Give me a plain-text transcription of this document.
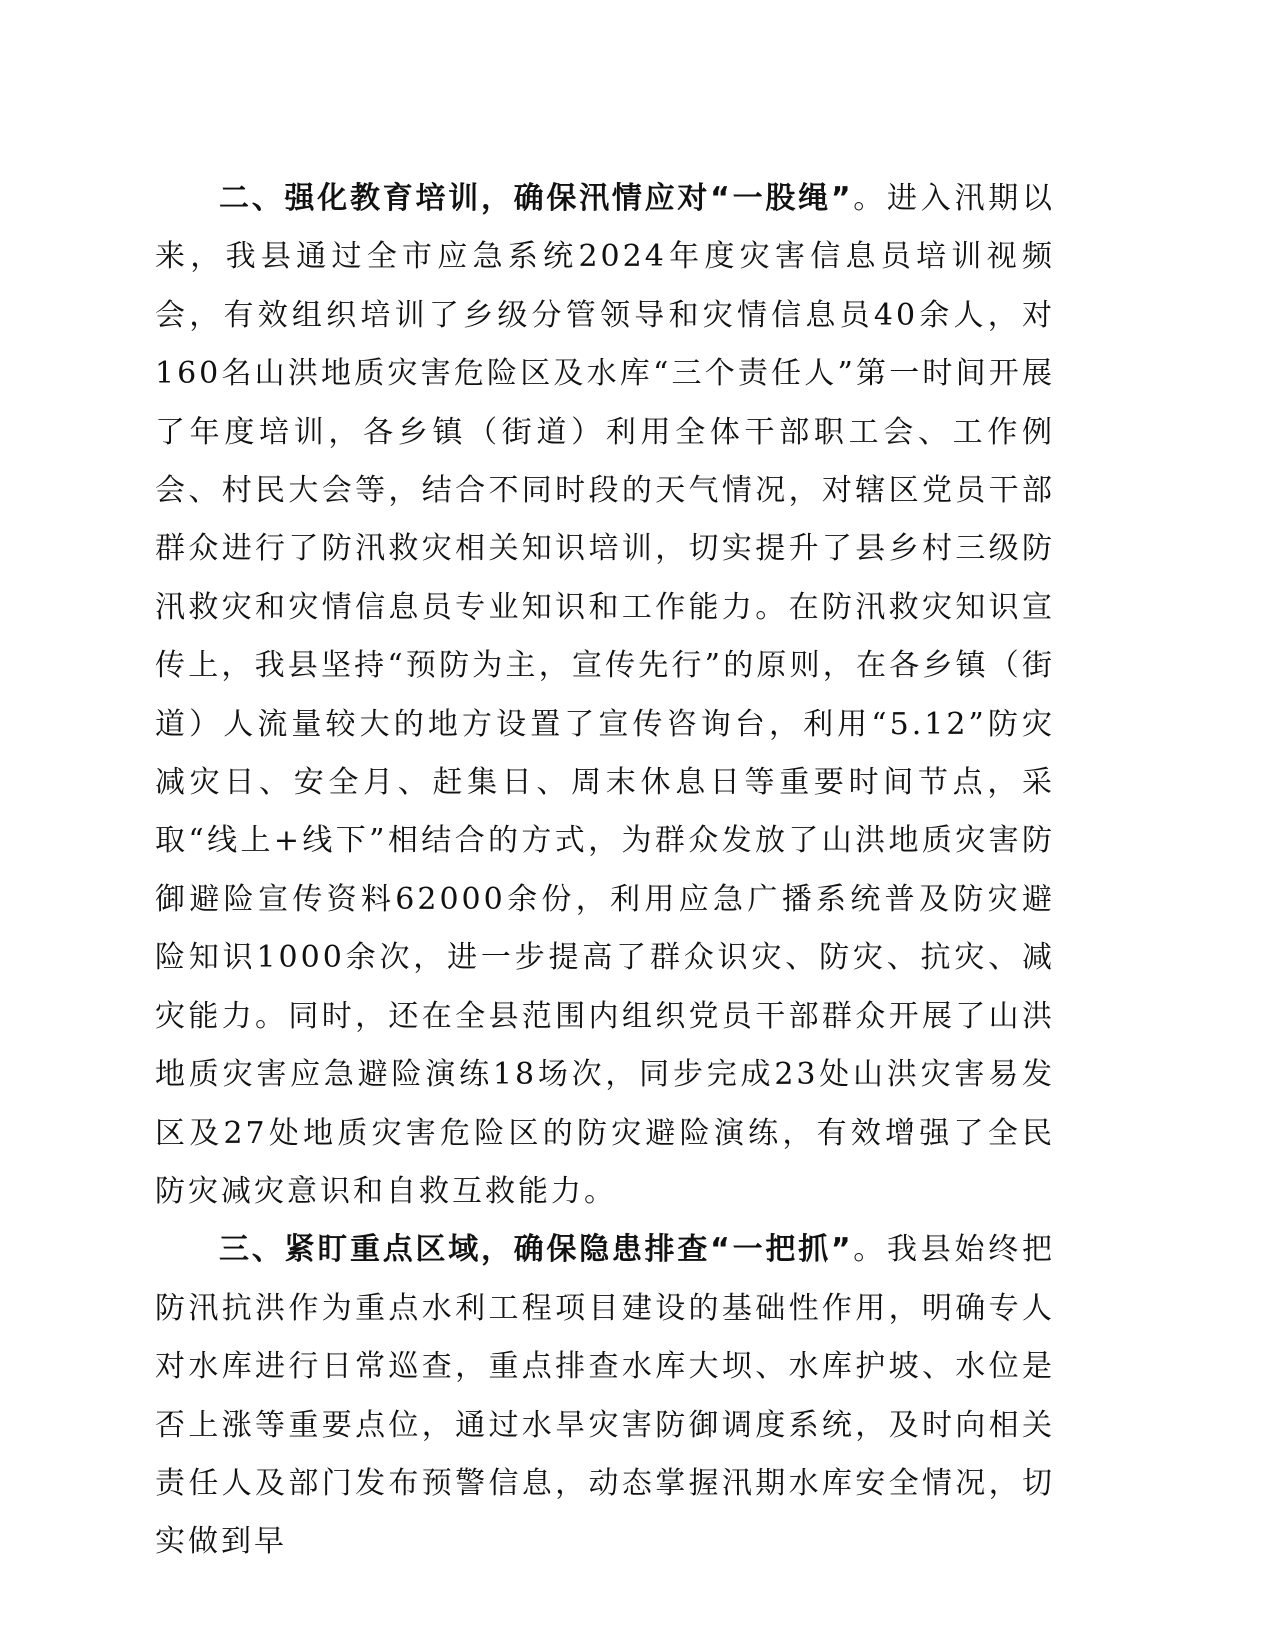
二、强化教育培训，确保汛情应对“一股绳”。进入汛期以来，我县通过全市应急系统2024年度灾害信息员培训视频会，有效组织培训了乡级分管领导和灾情信息员40余人，对160名山洪地质灾害危险区及水库“三个责任人”第一时间开展了年度培训，各乡镇（街道）利用全体干部职工会、工作例会、村民大会等，结合不同时段的天气情况，对辖区党员干部群众进行了防汛救灾相关知识培训，切实提升了县乡村三级防汛救灾和灾情信息员专业知识和工作能力。在防汛救灾知识宣传上，我县坚持“预防为主，宣传先行”的原则，在各乡镇（街道）人流量较大的地方设置了宣传咨询台，利用“5.12”防灾减灾日、安全月、赶集日、周末休息日等重要时间节点，采取“线上+线下”相结合的方式，为群众发放了山洪地质灾害防御避险宣传资料62000余份，利用应急广播系统普及防灾避险知识1000余次，进一步提高了群众识灾、防灾、抗灾、减灾能力。同时，还在全县范围内组织党员干部群众开展了山洪地质灾害应急避险演练18场次，同步完成23处山洪灾害易发区及27处地质灾害危险区的防灾避险演练，有效增强了全民防灾减灾意识和自救互救能力。

三、紧盯重点区域，确保隐患排查“一把抓”。我县始终把防汛抗洪作为重点水利工程项目建设的基础性作用，明确专人对水库进行日常巡查，重点排查水库大坝、水库护坡、水位是否上涨等重要点位，通过水旱灾害防御调度系统，及时向相关责任人及部门发布预警信息，动态掌握汛期水库安全情况，切实做到早
